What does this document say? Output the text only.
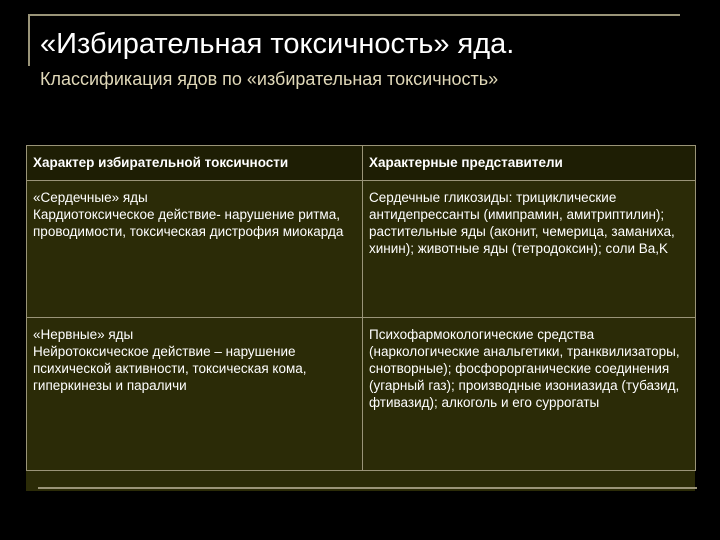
«Избирательная токсичность» яда.
Классификация ядов по «избирательная токсичность»
Характер избирательной токсичности	Характерные представители

«Сердечные» яды
Кардиотоксическое действие- нарушение ритма, проводимости, токсическая дистрофия миокарда	Сердечные гликозиды: трициклические антидепрессанты (имипрамин, амитриптилин); растительные яды (аконит, чемерица, заманиха, хинин); животные яды (тетродоксин); соли Ba,K

«Нервные» яды
Нейротоксическое действие – нарушение психической активности, токсическая кома, гиперкинезы и параличи	Психофармокологические средства (наркологические анальгетики, транквилизаторы, снотворные); фосфорорганические соединения (угарный газ); производные изониазида (тубазид, фтивазид); алкоголь и его суррогаты
